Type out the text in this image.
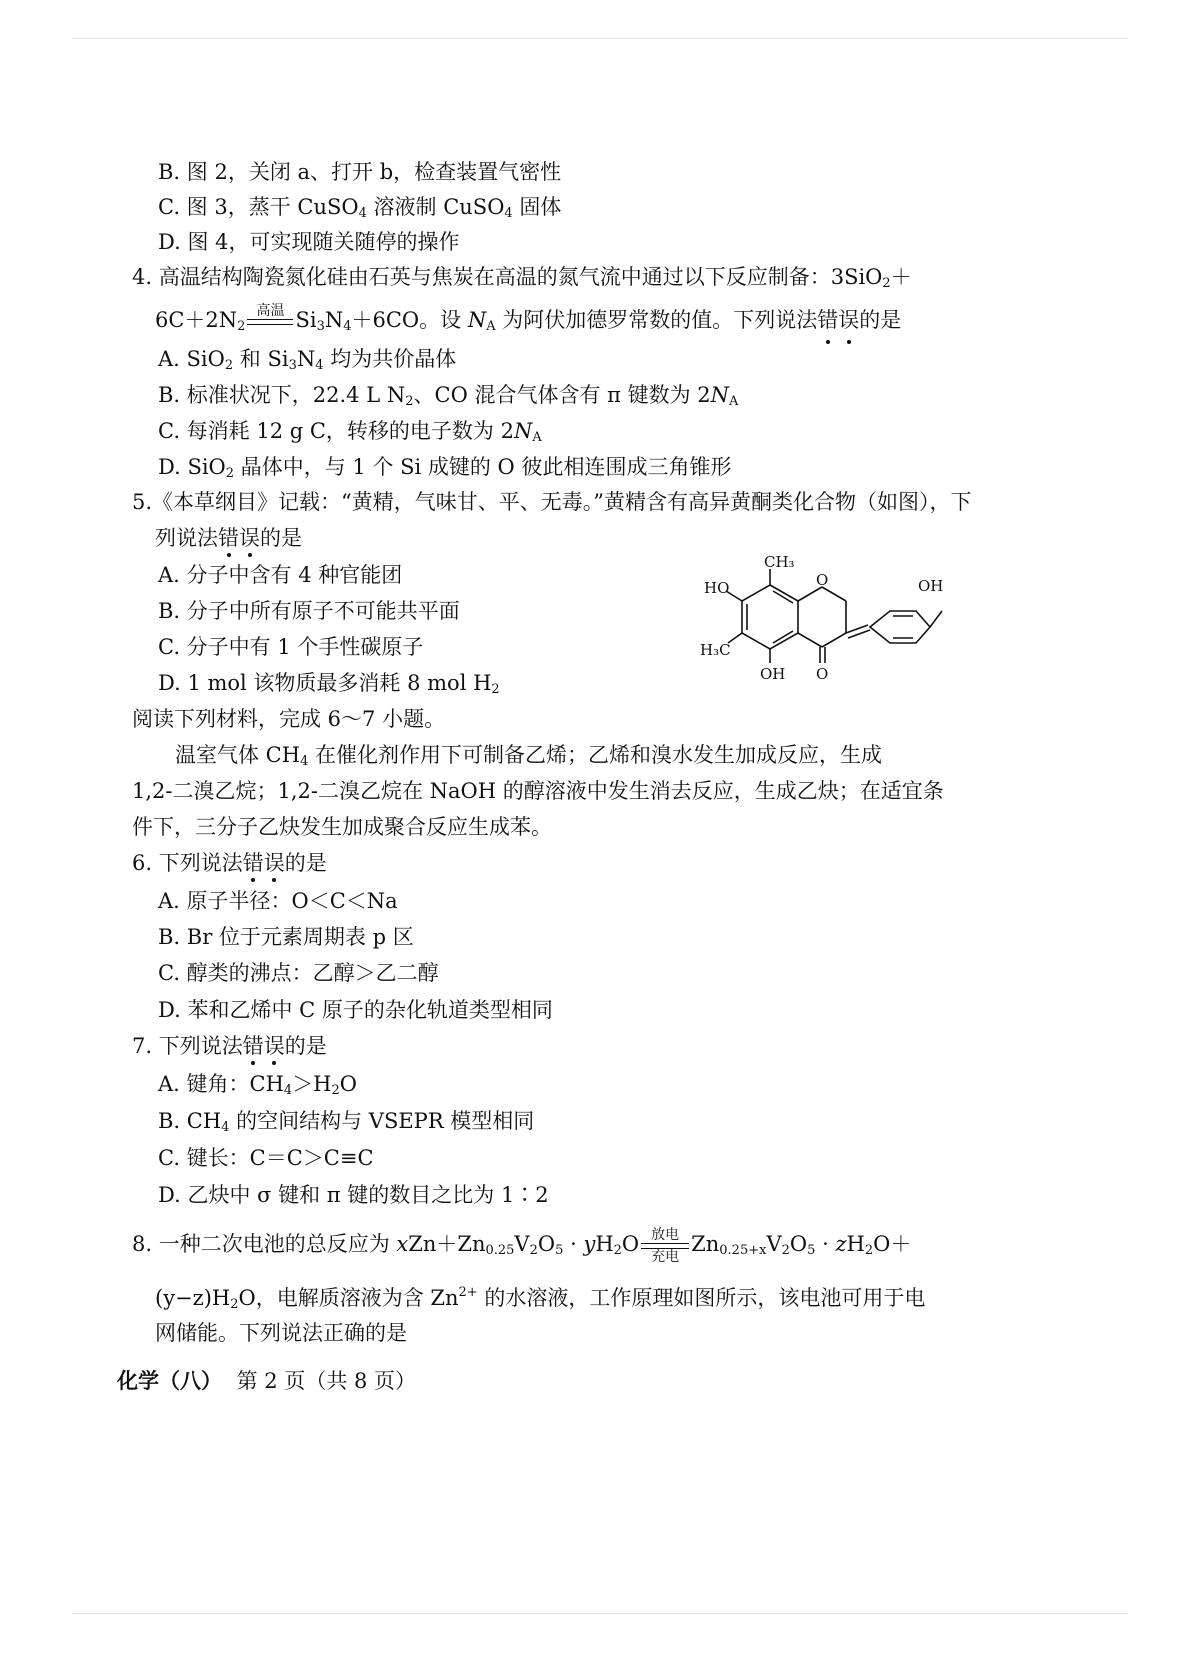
B. 图 2，关闭 a、打开 b，检查装置气密性
C. 图 3，蒸干 CuSO$_4$ 溶液制 CuSO$_4$ 固体
D. 图 4，可实现随关随停的操作
4. 高温结构陶瓷氮化硅由石英与焦炭在高温的氮气流中通过以下反应制备：3SiO$_2$＋
$6C+2N_2$
高温
$Si_3N_4+6CO$。设 $N_A$ 为阿伏加德罗常数的值。下列说法错误的是
A. SiO$_2$ 和 $Si_3N_4$ 均为共价晶体
B. 标准状况下，22.4 L $N_2$、CO 混合气体含有 π 键数为 $2N_A$
C. 每消耗 12 g C，转移的电子数为 $2N_A$
D. SiO$_2$ 晶体中，与 1 个 Si 成键的 O 彼此相连围成三角锥形
5.《本草纲目》记载：“黄精，气味甘、平、无毒。”黄精含有高异黄酮类化合物（如图），下
列说法错误的是
A. 分子中含有 4 种官能团
B. 分子中所有原子不可能共平面
C. 分子中有 1 个手性碳原子
D. 1 mol 该物质最多消耗 8 mol $H_2$
CH₃
HO	O	OH
H₃C
OH O
阅读下列材料，完成 6～7 小题。
温室气体 $CH_4$ 在催化剂作用下可制备乙烯；乙烯和溴水发生加成反应，生成
1,2-二溴乙烷；1,2-二溴乙烷在 NaOH 的醇溶液中发生消去反应，生成乙炔；在适宜条
件下，三分子乙炔发生加成聚合反应生成苯。
6. 下列说法错误的是
A. 原子半径：O＜C＜Na
B. Br 位于元素周期表 p 区
C. 醇类的沸点：乙醇＞乙二醇
D. 苯和乙烯中 C 原子的杂化轨道类型相同
7. 下列说法错误的是
A. 键角：$CH_4>H_2O$
B. $CH_4$ 的空间结构与 VSEPR 模型相同
C. 键长：C＝C＞C≡C
D. 乙炔中 σ 键和 π 键的数目之比为 1∶2
8. 一种二次电池的总反应为 $xZn+Zn_{0.25}V_2O_5 \cdot yH_2O$ 放电
充电
$Zn_{0.25+x}V_2O_5 \cdot zH_2O+$
$(y-z)H_2O$，电解质溶液为含 $Zn^{2+}$ 的水溶液，工作原理如图所示，该电池可用于电
网储能。下列说法正确的是
化学（八） 第 2 页（共 8 页）
